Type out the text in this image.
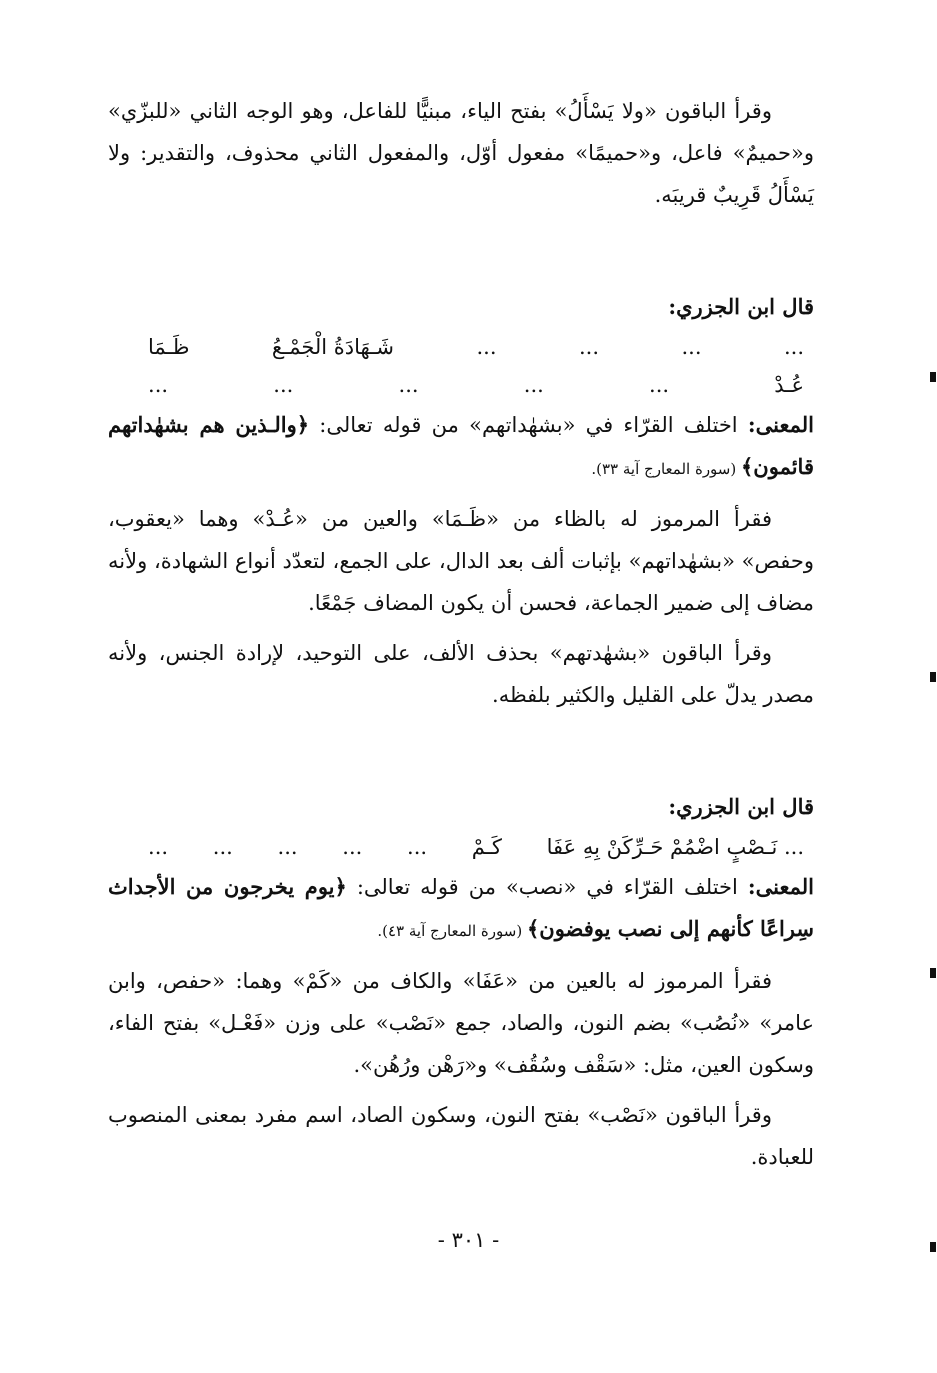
وقرأ الباقون «ولا يَسْأَلُ» بفتح الياء، مبنيًّا للفاعل، وهو الوجه الثاني «للبزّي» و«حميمٌ» فاعل، و«حميمًا» مفعول أوّل، والمفعول الثاني محذوف، والتقدير: ولا يَسْأَلُ قَرِيبٌ قريبَه.

قال ابن الجزري:

...
...
...
...
شَـهَادَةُ الْجَمْـعُ
ظَـمَا
عُـدْ
...
...
...
...
...

المعنى: اختلف القرّاء في «بشهٰداتهم» من قوله تعالى: ﴿والـذين هم بشهٰداتهم قائمون﴾ (سورة المعارج آية ٣٣).

فقرأ المرموز له بالظاء من «ظَـمَا» والعين من «عُـدْ» وهما «يعقوب، وحفص» «بشهٰداتهم» بإثبات ألف بعد الدال، على الجمع، لتعدّد أنواع الشهادة، ولأنه مضاف إلى ضمير الجماعة، فحسن أن يكون المضاف جَمْعًا.

وقرأ الباقون «بشهٰدتهم» بحذف الألف، على التوحيد، لإرادة الجنس، ولأنه مصدر يدلّ على القليل والكثير بلفظه.

قال ابن الجزري:

... نَـصْبٍ اضْمُمْ حَـرِّكَنْ بِهِ عَفَا
كَـمْ
...
...
...
...
...

المعنى: اختلف القرّاء في «نصب» من قوله تعالى: ﴿يوم يخرجون من الأجداث سِراعًا كأنهم إلى نصب يوفضون﴾ (سورة المعارج آية ٤٣).

فقرأ المرموز له بالعين من «عَفَا» والكاف من «كَمْ» وهما: «حفص، وابن عامر» «نُصُب» بضم النون، والصاد، جمع «نَصْب» على وزن «فَعْـل» بفتح الفاء، وسكون العين، مثل: «سَقْف وسُقُف» و«رَهْن ورُهُن».

وقرأ الباقون «نَصْب» بفتح النون، وسكون الصاد، اسم مفرد بمعنى المنصوب للعبادة.

- ٣٠١ -
